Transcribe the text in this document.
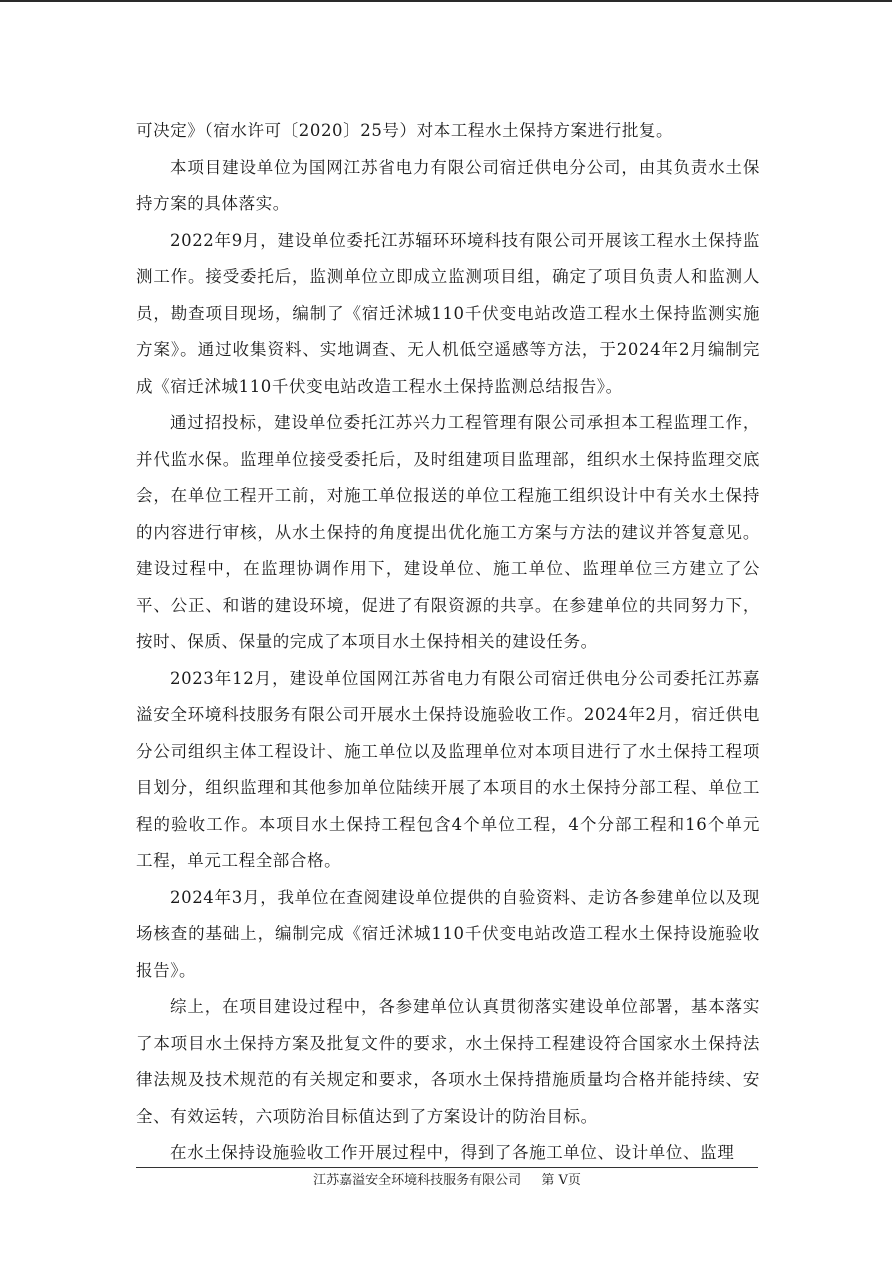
可决定》（宿水许可〔2020〕25号）对本工程水土保持方案进行批复。

本项目建设单位为国网江苏省电力有限公司宿迁供电分公司，由其负责水土保持方案的具体落实。

2022年9月，建设单位委托江苏辐环环境科技有限公司开展该工程水土保持监测工作。接受委托后，监测单位立即成立监测项目组，确定了项目负责人和监测人员，勘查项目现场，编制了《宿迁沭城110千伏变电站改造工程水土保持监测实施方案》。通过收集资料、实地调查、无人机低空遥感等方法，于2024年2月编制完成《宿迁沭城110千伏变电站改造工程水土保持监测总结报告》。

通过招投标，建设单位委托江苏兴力工程管理有限公司承担本工程监理工作，并代监水保。监理单位接受委托后，及时组建项目监理部，组织水土保持监理交底会，在单位工程开工前，对施工单位报送的单位工程施工组织设计中有关水土保持的内容进行审核，从水土保持的角度提出优化施工方案与方法的建议并答复意见。建设过程中，在监理协调作用下，建设单位、施工单位、监理单位三方建立了公平、公正、和谐的建设环境，促进了有限资源的共享。在参建单位的共同努力下，按时、保质、保量的完成了本项目水土保持相关的建设任务。

2023年12月，建设单位国网江苏省电力有限公司宿迁供电分公司委托江苏嘉溢安全环境科技服务有限公司开展水土保持设施验收工作。2024年2月，宿迁供电分公司组织主体工程设计、施工单位以及监理单位对本项目进行了水土保持工程项目划分，组织监理和其他参加单位陆续开展了本项目的水土保持分部工程、单位工程的验收工作。本项目水土保持工程包含4个单位工程，4个分部工程和16个单元工程，单元工程全部合格。

2024年3月，我单位在查阅建设单位提供的自验资料、走访各参建单位以及现场核查的基础上，编制完成《宿迁沭城110千伏变电站改造工程水土保持设施验收报告》。

综上，在项目建设过程中，各参建单位认真贯彻落实建设单位部署，基本落实了本项目水土保持方案及批复文件的要求，水土保持工程建设符合国家水土保持法律法规及技术规范的有关规定和要求，各项水土保持措施质量均合格并能持续、安全、有效运转，六项防治目标值达到了方案设计的防治目标。

在水土保持设施验收工作开展过程中，得到了各施工单位、设计单位、监理

江苏嘉溢安全环境科技服务有限公司 第 V页
